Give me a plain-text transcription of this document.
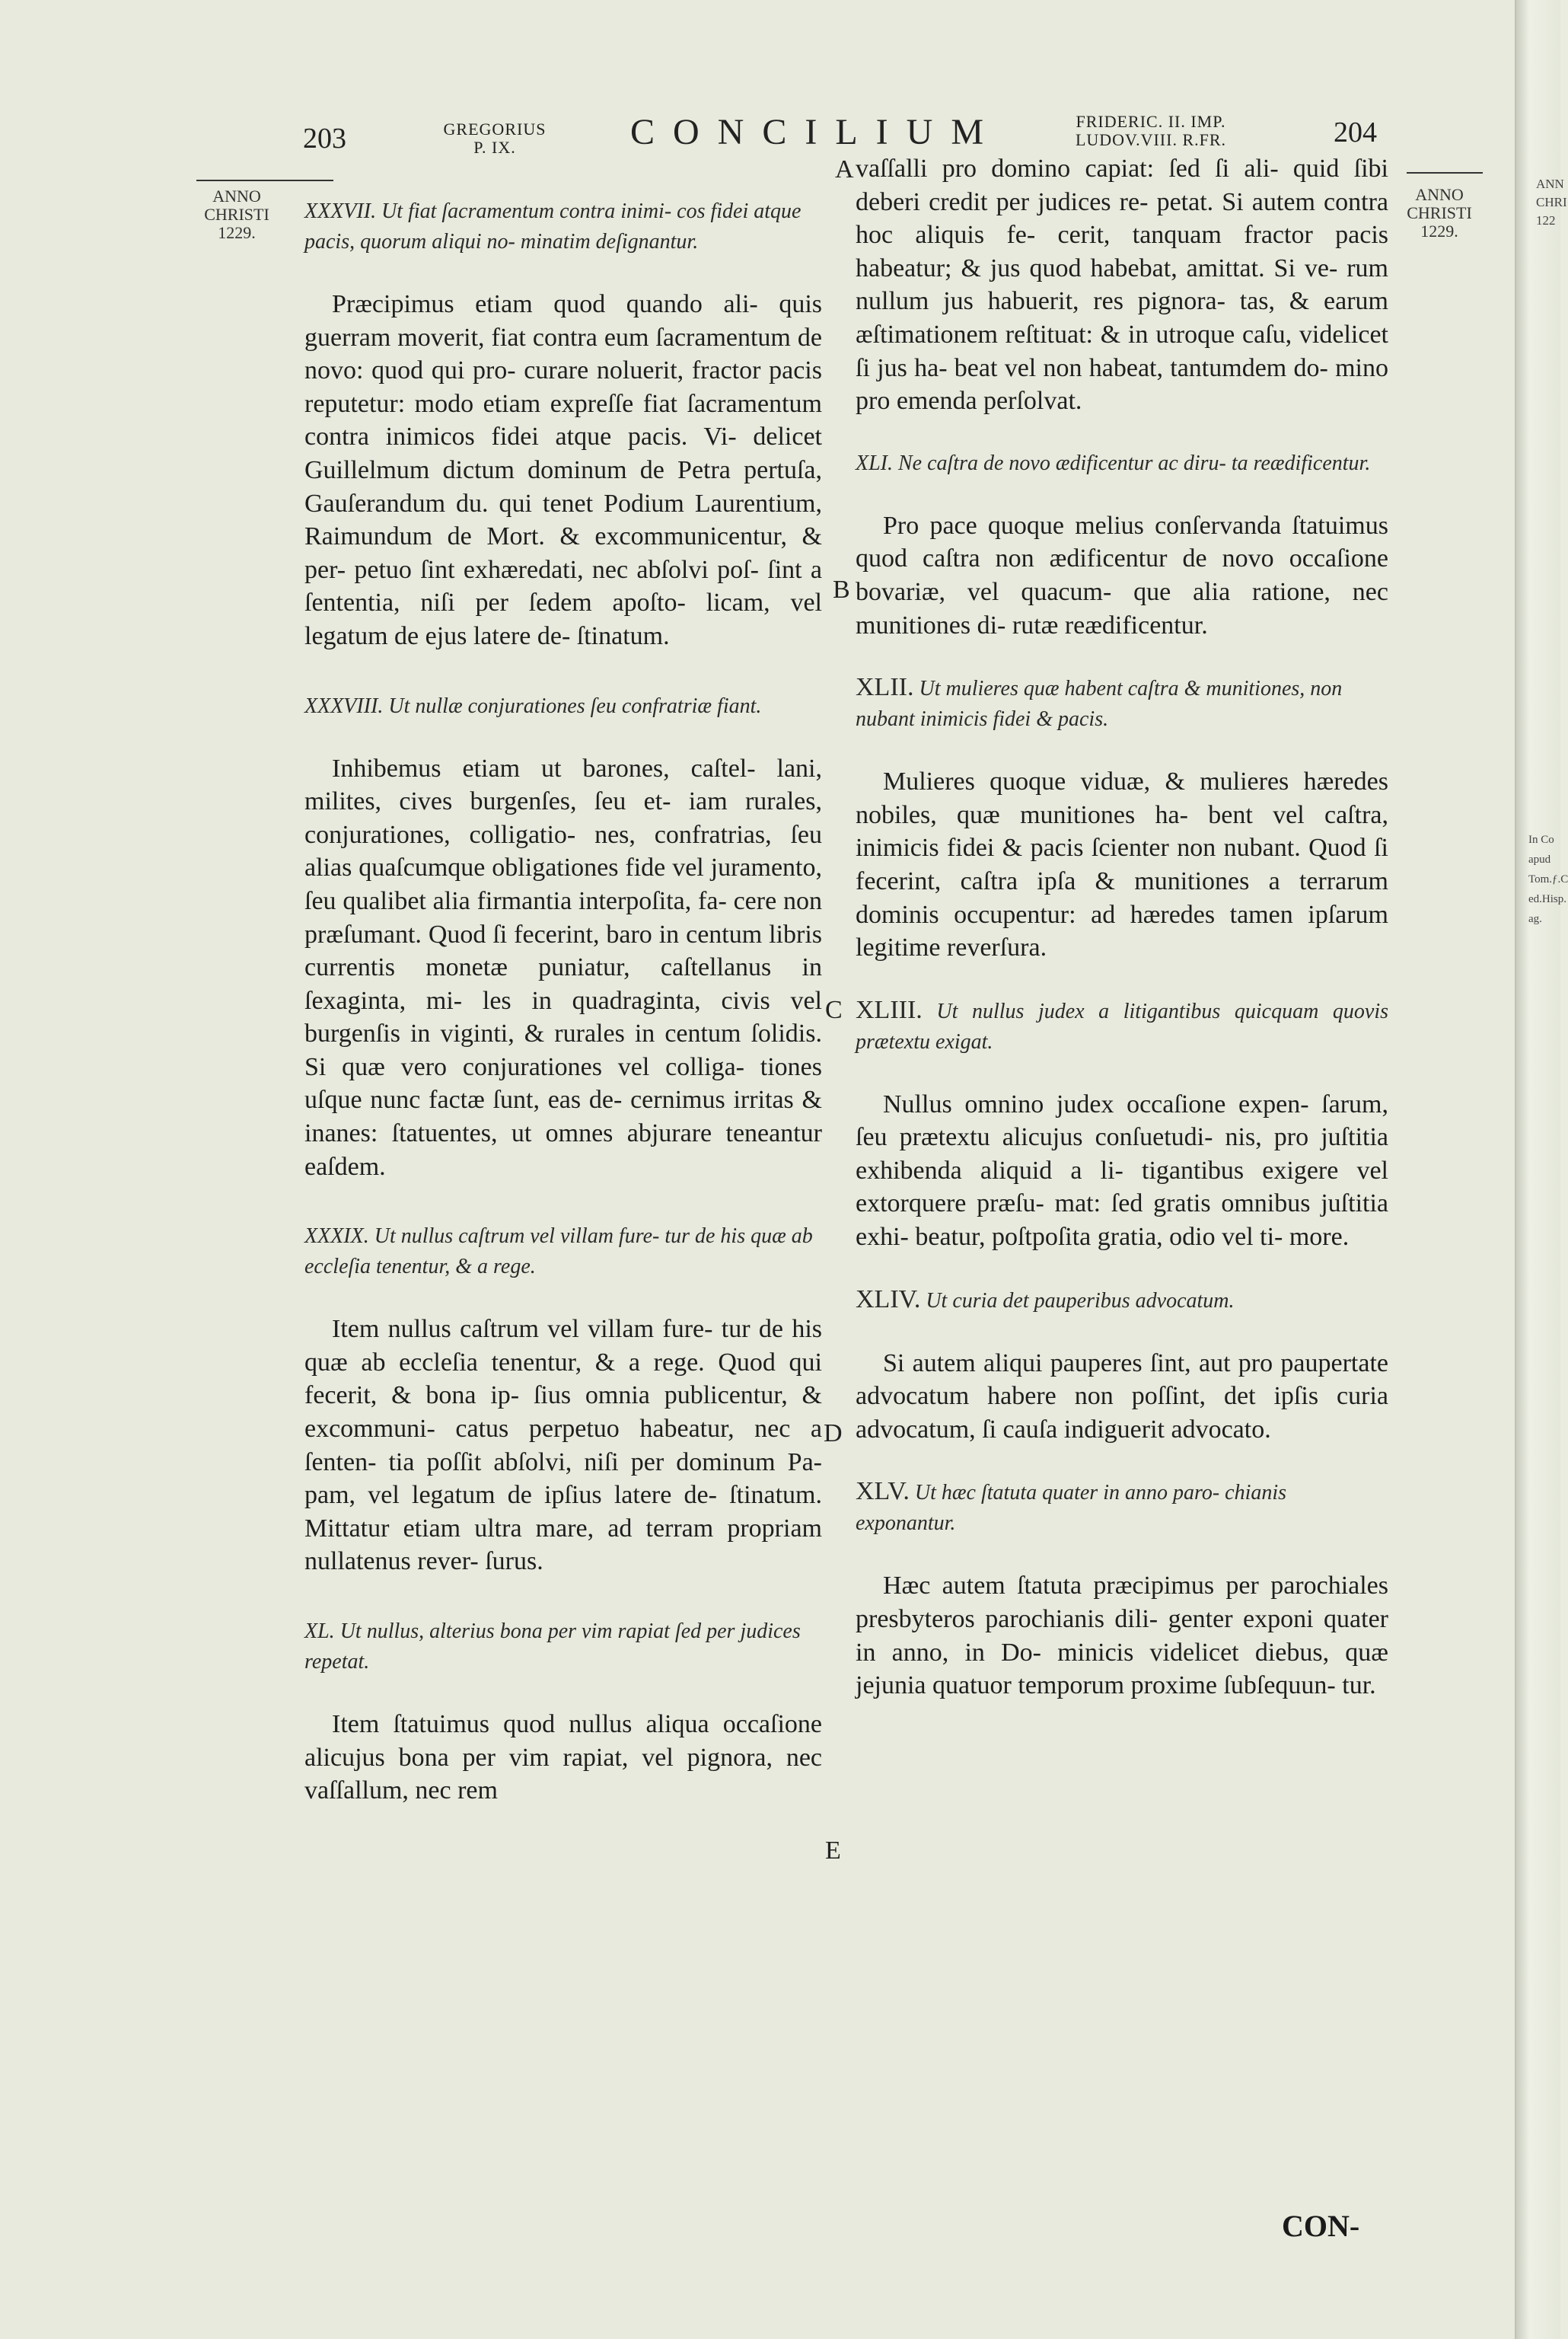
203	GREGORIUS
P. IX.	CONCILIUM	FRIDERIC. II. IMP.
LUDOV.VIII. R.FR.	204
ANNO
CHRISTI
1229.
ANNO
CHRISTI
1229.
A
B
C
D
E

XXXVII. Ut fiat ſacramentum contra inimi- cos fidei atque pacis, quorum aliqui no- minatim deſignantur.

Præcipimus etiam quod quando ali- quis guerram moverit, fiat contra eum ſacramentum de novo: quod qui pro- curare noluerit, fractor pacis reputetur: modo etiam expreſſe fiat ſacramentum contra inimicos fidei atque pacis. Vi- delicet Guillelmum dictum dominum de Petra pertuſa, Gauſerandum du. qui tenet Podium Laurentium, Raimundum de Mort. & excommunicentur, & per- petuo ſint exhæredati, nec abſolvi poſ- ſint a ſententia, niſi per ſedem apoſto- licam, vel legatum de ejus latere de- ſtinatum.

XXXVIII. Ut nullæ conjurationes ſeu confratriæ fiant.

Inhibemus etiam ut barones, caſtel- lani, milites, cives burgenſes, ſeu et- iam rurales, conjurationes, colligatio- nes, confratrias, ſeu alias quaſcumque obligationes fide vel juramento, ſeu qualibet alia firmantia interpoſita, fa- cere non præſumant. Quod ſi fecerint, baro in centum libris currentis monetæ puniatur, caſtellanus in ſexaginta, mi- les in quadraginta, civis vel burgenſis in viginti, & rurales in centum ſolidis. Si quæ vero conjurationes vel colliga- tiones uſque nunc factæ ſunt, eas de- cernimus irritas & inanes: ſtatuentes, ut omnes abjurare teneantur eaſdem.

XXXIX. Ut nullus caſtrum vel villam fure- tur de his quæ ab eccleſia tenentur, & a rege.

Item nullus caſtrum vel villam fure- tur de his quæ ab eccleſia tenentur, & a rege. Quod qui fecerit, & bona ip- ſius omnia publicentur, & excommuni- catus perpetuo habeatur, nec a ſenten- tia poſſit abſolvi, niſi per dominum Pa- pam, vel legatum de ipſius latere de- ſtinatum. Mittatur etiam ultra mare, ad terram propriam nullatenus rever- ſurus.

XL. Ut nullus, alterius bona per vim rapiat ſed per judices repetat.

Item ſtatuimus quod nullus aliqua occaſione alicujus bona per vim rapiat, vel pignora, nec vaſſallum, nec rem

vaſſalli pro domino capiat: ſed ſi ali- quid ſibi deberi credit per judices re- petat. Si autem contra hoc aliquis fe- cerit, tanquam fractor pacis habeatur; & jus quod habebat, amittat. Si ve- rum nullum jus habuerit, res pignora- tas, & earum æſtimationem reſtituat: & in utroque caſu, videlicet ſi jus ha- beat vel non habeat, tantumdem do- mino pro emenda perſolvat.

XLI. Ne caſtra de novo ædificentur ac diru- ta reædificentur.

Pro pace quoque melius conſervanda ſtatuimus quod caſtra non ædificentur de novo occaſione bovariæ, vel quacum- que alia ratione, nec munitiones di- rutæ reædificentur.

XLII. Ut mulieres quæ habent caſtra & munitiones, non nubant inimicis fidei & pacis.

Mulieres quoque viduæ, & mulieres hæredes nobiles, quæ munitiones ha- bent vel caſtra, inimicis fidei & pacis ſcienter non nubant. Quod ſi fecerint, caſtra ipſa & munitiones a terrarum dominis occupentur: ad hæredes tamen ipſarum legitime reverſura.

XLIII. Ut nullus judex a litigantibus quicquam quovis prætextu exigat.

Nullus omnino judex occaſione expen- ſarum, ſeu prætextu alicujus conſuetudi- nis, pro juſtitia exhibenda aliquid a li- tigantibus exigere vel extorquere præſu- mat: ſed gratis omnibus juſtitia exhi- beatur, poſtpoſita gratia, odio vel ti- more.

XLIV. Ut curia det pauperibus advocatum.

Si autem aliqui pauperes ſint, aut pro paupertate advocatum habere non poſſint, det ipſis curia advocatum, ſi cauſa indiguerit advocato.

XLV. Ut hæc ſtatuta quater in anno paro- chianis exponantur.

Hæc autem ſtatuta præcipimus per parochiales presbyteros parochianis dili- genter exponi quater in anno, in Do- minicis videlicet diebus, quæ jejunia quatuor temporum proxime ſubſequun- tur.

CON-
ANN
CHRI
122
In Co
apud
Tom.ƒ.C
ed.Hisp.
ag.
